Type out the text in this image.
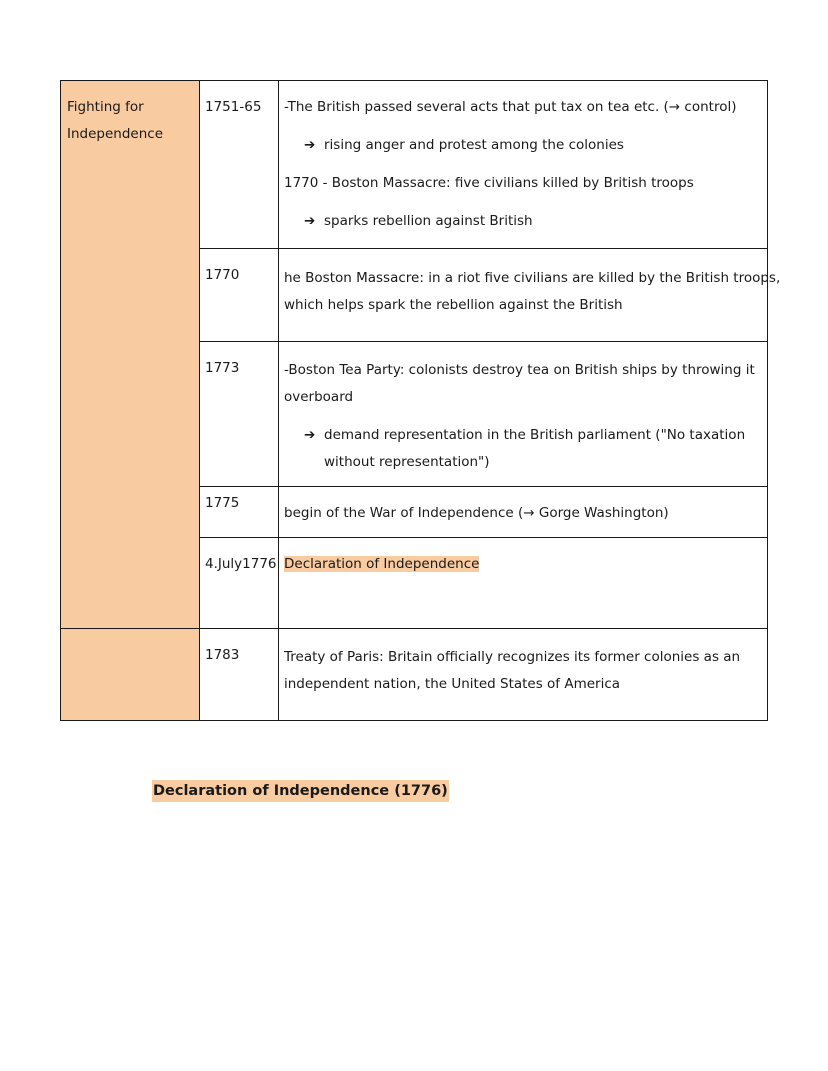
Fighting for
Independence	1751-65	-The British passed several acts that put tax on tea etc. (→ control)
➔ rising anger and protest among the colonies
1770 - Boston Massacre: five civilians killed by British troops
➔ sparks rebellion against British

	1770	he Boston Massacre: in a riot five civilians are killed by the British troops,
which helps spark the rebellion against the British

	1773	-Boston Tea Party: colonists destroy tea on British ships by throwing it
overboard
➔ demand representation in the British parliament ("No taxation
without representation")

	1775	begin of the War of Independence (→ Gorge Washington)

	4.July1776	Declaration of Independence

	1783	Treaty of Paris: Britain officially recognizes its former colonies as an
independent nation, the United States of America
Declaration of Independence (1776)
